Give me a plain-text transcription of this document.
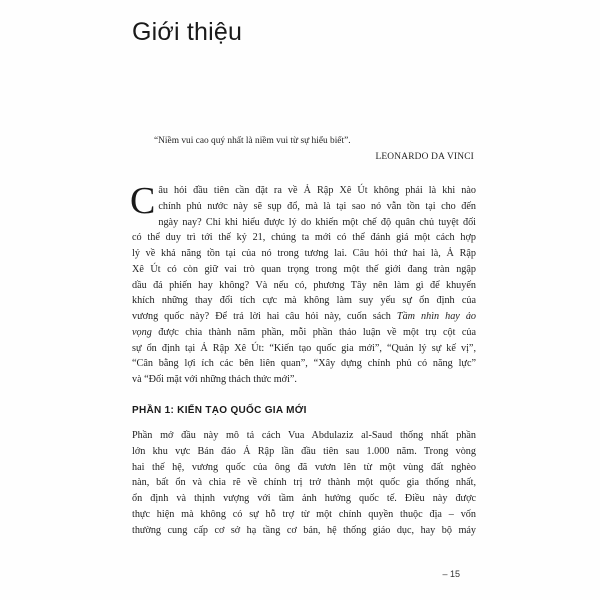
Giới thiệu
“Niềm vui cao quý nhất là niềm vui từ sự hiểu biết”.
LEONARDO DA VINCI
C âu hỏi đầu tiên cần đặt ra về Ả Rập Xê Út không phải là khi nào
chính phủ nước này sẽ sụp đổ, mà là tại sao nó vẫn tồn tại cho đến
ngày nay? Chỉ khi hiểu được lý do khiến một chế độ quân chủ tuyệt đối
có thể duy trì tới thế kỷ 21, chúng ta mới có thể đánh giá một cách hợp
lý về khả năng tồn tại của nó trong tương lai. Câu hỏi thứ hai là, Ả Rập
Xê Út có còn giữ vai trò quan trọng trong một thế giới đang tràn ngập
dầu đá phiến hay không? Và nếu có, phương Tây nên làm gì để khuyến
khích những thay đổi tích cực mà không làm suy yếu sự ổn định của
vương quốc này? Để trả lời hai câu hỏi này, cuốn sách Tầm nhìn hay ảo
vọng được chia thành năm phần, mỗi phần thảo luận về một trụ cột của
sự ổn định tại Ả Rập Xê Út: “Kiến tạo quốc gia mới”, “Quản lý sự kế vị”,
“Cân bằng lợi ích các bên liên quan”, “Xây dựng chính phủ có năng lực”
và “Đối mặt với những thách thức mới”.
PHẦN 1: KIẾN TẠO QUỐC GIA MỚI
Phần mở đầu này mô tả cách Vua Abdulaziz al-Saud thống nhất phần
lớn khu vực Bán đảo Ả Rập lần đầu tiên sau 1.000 năm. Trong vòng
hai thế hệ, vương quốc của ông đã vươn lên từ một vùng đất nghèo
nàn, bất ổn và chia rẽ về chính trị trở thành một quốc gia thống nhất,
ổn định và thịnh vượng với tầm ảnh hưởng quốc tế. Điều này được
thực hiện mà không có sự hỗ trợ từ một chính quyền thuộc địa – vốn
thường cung cấp cơ sở hạ tầng cơ bản, hệ thống giáo dục, hay bộ máy
– 15
